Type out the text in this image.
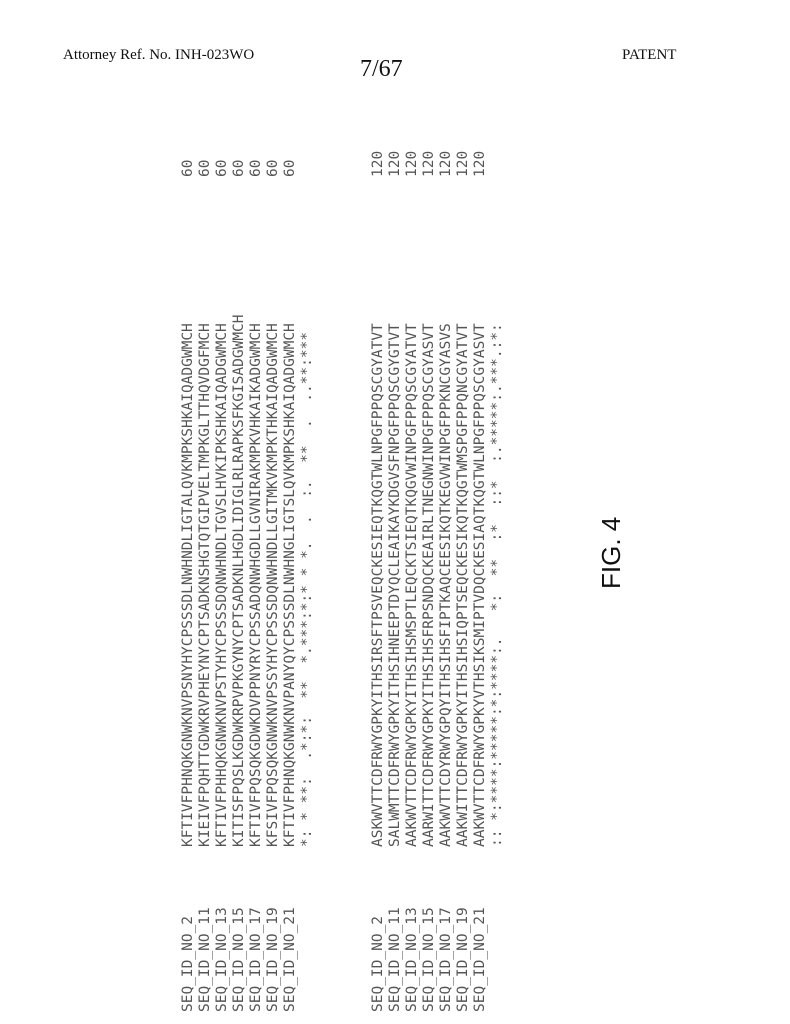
Attorney Ref. No. INH-023WO
7/67
PATENT

SEQ_ID_NO_2

KFTIVFPHNQKGNWKNVPSNYHYCPSSSDLNWHNDLIGTALQVKMPKSHKAIQADGWMCH

60

SEQ_ID_NO_11

KIEIVFPQHTTGDWKRVPHEYNYCPTSADKNSHGTQTGIPVELTMPKGLTTHQVDGFMCH

60

SEQ_ID_NO_13

KFTIVFPHHQKGNWKNVPSTYHYCPSSSDQNWHNDLTGVSLHVKIPKSHKAIQADGWMCH

60

SEQ_ID_NO_15

KITISFPQSLKGDWKRPVPKGYNYCPTSADKNLHGDLIDIGLRLRAPKSFKGISADGWMCH

60

SEQ_ID_NO_17

KFTIVFPQSQKGDWKDVPPNYRYCPSSADQNWHGDLLGVNIRAKMPKVHKAIKADGWMCH

60

SEQ_ID_NO_19

KFSIVFPQSQKGNWKNVPSSYHYCPSSSDQNWHNDLLGITMKVKMPKTHKAIQADGWMCH

60

SEQ_ID_NO_21

KFTIVFPHNQKGNWKNVPANYQYCPSSSDLNWHNGLIGTSLQVKMPKSHKAIQADGWMCH

60

*: * **:  .*:*:  **  *.***:*:* * *.  .  :.  **  .  ..**:***

SEQ_ID_NO_2

ASKWVTTCDFRWYGPKYITHSIRSFTPSVEQCKESIEQTKQGTWLNPGFPPQSCGYATVT

120

SEQ_ID_NO_11

SALWMTTCDFRWYGPKYITHSIHNEEPTDYQCLEAIKAYKDGVSFNPGFPPQSCGYGTVT

120

SEQ_ID_NO_13

AAKWVTTCDFRWYGPKYITHSIHSMSPTLEQCKTSIEQTKQGVWINPGFPPQSCGYATVT

120

SEQ_ID_NO_15

AARWITTCDFRWYGPKYITHSIHSFRPSNDQCKEAIRLTNEGNWINPGFPPQSCGYASVT

120

SEQ_ID_NO_17

AAKWVTTCDYRWYGPQYITHSIHSFIPTKAQCEESIKQTKEGVWINPGFPPKNCGYASVS

120

SEQ_ID_NO_19

AAKWITTCDFRWYGPKYITHSIHSIQPTSEQCKESIKQTKQGTWMSPGFPPQNCGYATVT

120

SEQ_ID_NO_21

AAKWVTTCDFRWYGPKYVTHSIKSMIPTVDQCKESIAQTKQGTWLNPGFPPQSCGYASVT

120

:: *:****:*****:*:****:.   *:  **  :*  ::*  :.*****:.***.:*:

	FIG. 4
